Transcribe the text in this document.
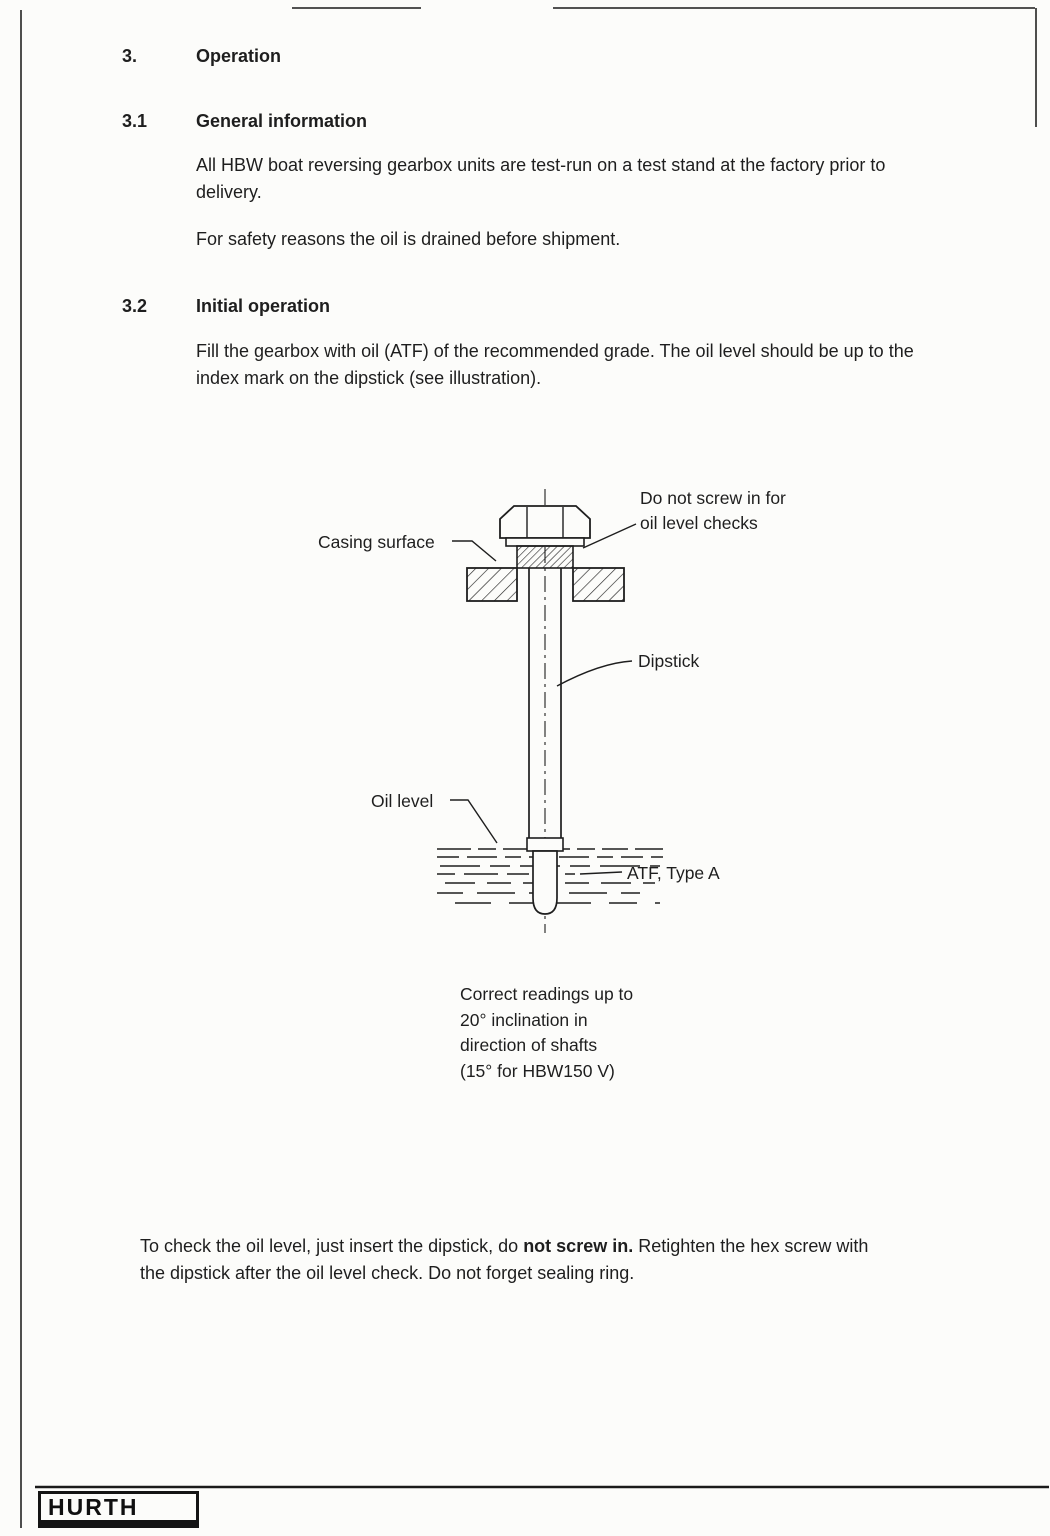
3.	Operation
3.1	General information
All HBW boat reversing gearbox units are test-run on a test stand at the factory prior to delivery.
For safety reasons the oil is drained before shipment.
3.2	Initial operation
Fill the gearbox with oil (ATF) of the recommended grade. The oil level should be up to the index mark on the dipstick (see illustration).
Do not screw in for
oil level checks
Casing surface
Dipstick
Oil level
ATF, Type A
Correct readings up to
20° inclination in
direction of shafts
(15° for HBW150 V)
To check the oil level, just insert the dipstick, do not screw in. Retighten the hex screw with the dipstick after the oil level check. Do not forget sealing ring.
HURTH
